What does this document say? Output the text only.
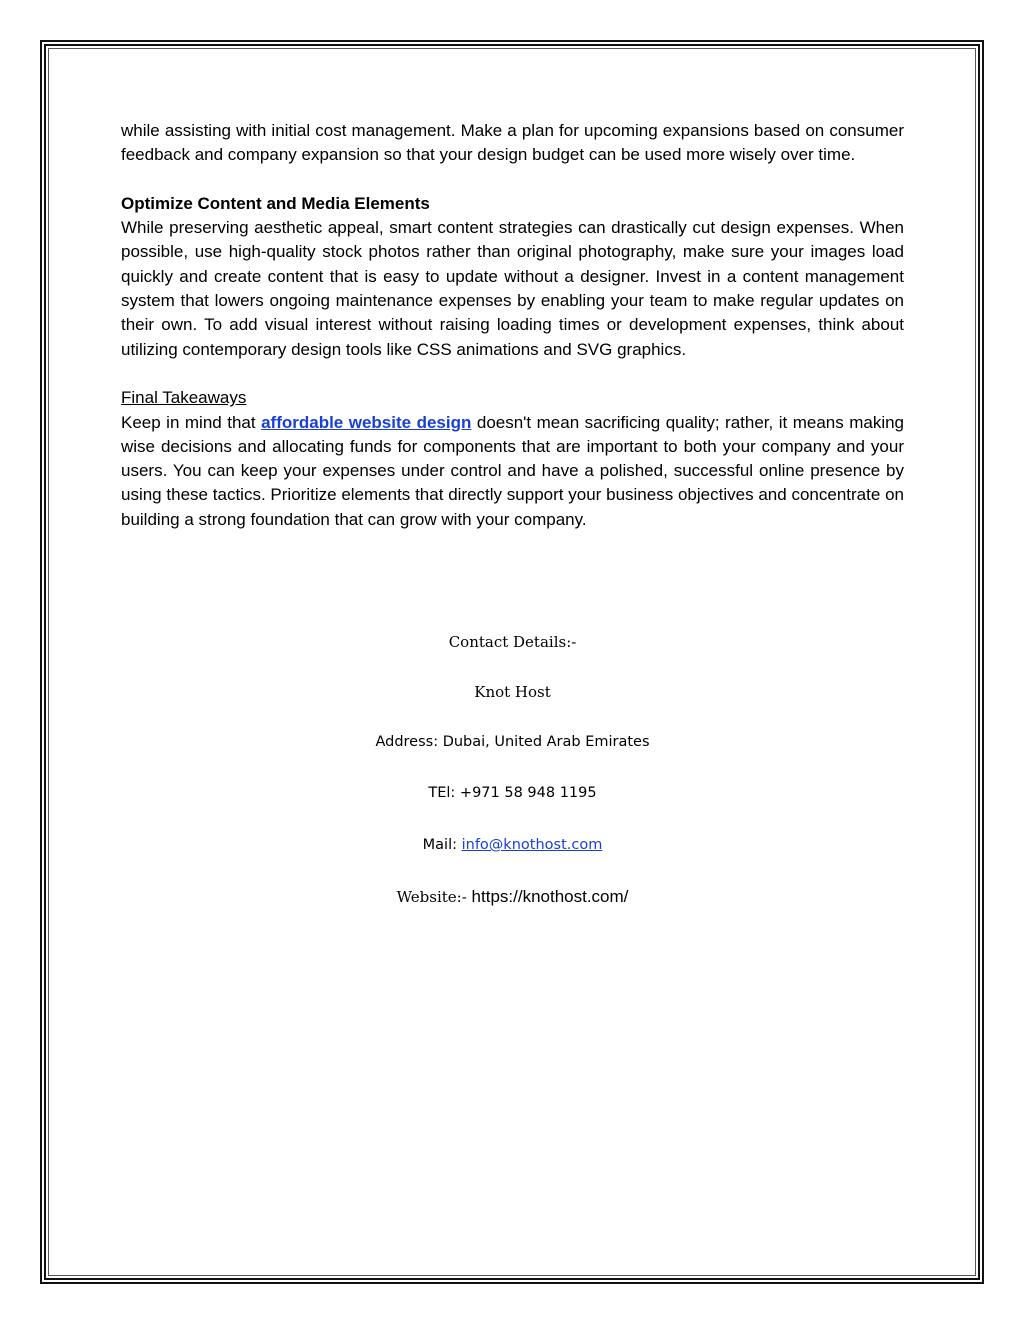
while assisting with initial cost management. Make a plan for upcoming expansions based on consumer feedback and company expansion so that your design budget can be used more wisely over time.

Optimize Content and Media Elements

While preserving aesthetic appeal, smart content strategies can drastically cut design expenses. When possible, use high-quality stock photos rather than original photography, make sure your images load quickly and create content that is easy to update without a designer. Invest in a content management system that lowers ongoing maintenance expenses by enabling your team to make regular updates on their own. To add visual interest without raising loading times or development expenses, think about utilizing contemporary design tools like CSS animations and SVG graphics.

Final Takeaways

Keep in mind that affordable website design doesn't mean sacrificing quality; rather, it means making wise decisions and allocating funds for components that are important to both your company and your users. You can keep your expenses under control and have a polished, successful online presence by using these tactics. Prioritize elements that directly support your business objectives and concentrate on building a strong foundation that can grow with your company.

Contact Details:-

Knot Host

Address: Dubai, United Arab Emirates

TEl: +971 58 948 1195

Mail: info@knothost.com

Website:- https://knothost.com/
